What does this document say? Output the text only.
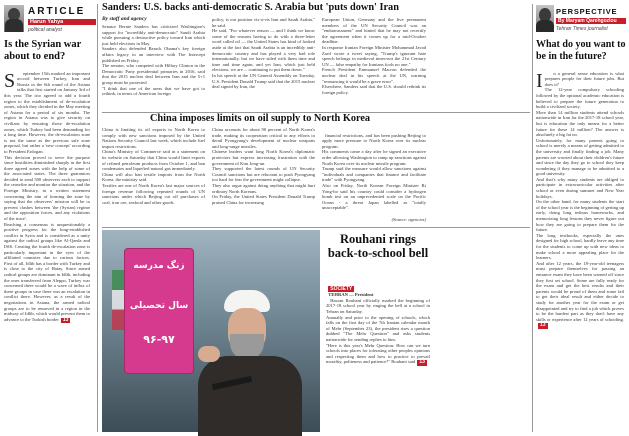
ARTICLE
Harun Yahya
political analyst
Is the Syrian war about to end?

S eptember 15th marked an important accord between Turkey, Iran and Russia in the 6th round of the Astana talks that first started on January 3rd of this year. The trio agreed to add a fourth region to the establishment of de-escalation zones, which they decided in the May meeting of Astana for a period of six months. The region in Astana was to give security on civilians by ensuring those de-escalation zones, which Turkey had been demanding for a long time. However, the de-escalation zone is not the same as the previous safe zone proposal, but rather a 'new concept' according to President Erdogan.
This decision proved to serve the purpose since hostilities diminished sharply in the first three agreed zones with the help of some of the associated states. The three guarantors decided to send 500 observers each to support the ceasefire and monitor the situation, and the Foreign Ministry, in a written statement concerning the aim of forming the zone by saying that the observers' mission will be to prevent clashes between 'the (Syrian) regime and the opposition forces, and any violations of the truce'.
Reaching a consensus is unquestionably a positive progress for the long-established conflict in Syria and is considered as a unity against the radical groups like Al-Qaeda and ISIS. Creating the fourth de-escalation zone is particularly important in the eyes of the affiliated countries due to various factors. First of all, Idlib has a border with Turkey and is close to the city of Hatay. Since armed radical groups are dominant in Idlib, including the ones transferred from Aleppo, Turkey was concerned there would be a wave of influx of these groups in case there was an escalation in conflict there. However, as a result of the negotiations in Astana, the armed radical groups are to be removed in a region in the midway of Idlib, which would prevent them to advance to the Turkish border 13

Sanders: U.S. backs anti-democratic S. Arabia but 'puts down' Iran
By staff and agency
Senator Bernie Sanders has criticized Washington's support for "incredibly anti-democratic" Saudi Arabia while pursuing a destructive policy toward Iran which just held elections in May.
Sanders also defended Barack Obama's key foreign affairs legacy in an interview with The Intercept published on Friday.
The senator, who competed with Hillary Clinton in the Democratic Party presidential primaries in 2016, said that the 2015 nuclear deal between Iran and the 5+1 group must be protected.
"I think that one of the areas that we have got to rethink, in terms of American foreign
policy, is our position vis-a-vis Iran and Saudi Arabia," he said.
He said, "For whatever reason — and I think we know some of the reasons having to do with a three-letter word called oil — the United States has kind of looked aside at the fact that Saudi Arabia is an incredibly anti-democratic country and has played a very bad role internationally, but we have sided with them time and time and time again, and yet Iran, which just held elections, we are ... continuing to put them down."
In his speech at the UN General Assembly on Tuesday, U.S. President Donald Trump said that the 2015 nuclear deal signed by Iran, the
European Union, Germany and the five permanent members of the UN Security Council was an "embarrassment" and hinted that he may not recertify the agreement when it comes up for a mid-October deadline.
In response Iranian Foreign Minister Mohammad Javad Zarif wrote a tweet saying, "Trump's ignorant hate speech belongs in medieval times-not the 21st Century UN — false empathy for Iranians fools no one."
French President Emmanuel Macron defended the nuclear deal in his speech at the UN, warning "renouncing it would be a grave error".
Elsewhere, Sanders said that the U.S. should rethink its foreign policy.
China imposes limits on oil supply to North Korea
China is limiting its oil exports to North Korea to comply with new sanctions imposed by the United Nations Security Council last week, which include fuel import restrictions.
China's Ministry of Commerce said in a statement on its website on Saturday that China would limit exports of refined petroleum products from October 1, and ban condensates and liquefied natural gas immediately.
China will also ban textile imports from the North Korea, the ministry said.
Textiles are one of North Korea's last major sources of foreign revenue following repeated rounds of UN sanctions under which Beijing cut off purchases of coal, iron ore, seafood and other goods.
China accounts for about 90 percent of North Korea's trade, making its cooperation critical to any efforts to derail Pyongyang's development of nuclear weapons and long-range missiles.
Chinese leaders want long North Korea's diplomatic protectors but express increasing frustration with the government of Kim Jong-un.
They supported the latest rounds of UN Security Council sanctions but are reluctant to push Pyongyang too hard for fear the government might collapse.
They also argue against doing anything that might hurt ordinary North Koreans.
On Friday, the United States President Donald Trump praised China for increasing

financial restrictions, and has been pushing Beijing to apply more pressure to North Korea over its nuclear program.
His comments came a day after he signed an executive order allowing Washington to ramp up sanctions against North Korea over its nuclear missile program.
Trump said the measure would allow sanctions against "individuals and companies that finance and facilitate trade" with Pyongyang.
Also on Friday, North Korean Foreign Minister Ri Yong-ho said his country could consider a hydrogen bomb test on an unprecedented scale on the Pacific Ocean - a threat Japan labelled as "totally unacceptable".

(Source: agencies)

زنگ مدرسه
سال تحصیلی
۹۶-۹۷
Rouhani rings back-to-school bell

SOCIETY
TEHRAN — President
Hassan Rouhani officially marked the beginning of 2017-18 school year by ringing the bell at a school in Tehran on Saturday.
Annually and prior to the opening of schools, which falls on the first day of the 7th Iranian calendar month of Mehr (September 23), the president rises a question dubbed "The Mehr Question" and asks students nationwide for sending replies to him.
"Here is this year's Mehr Question: How can we turn schools into places for tolerating other peoples opinions and respecting them and how to practice to prevail morality, politeness and patience?" Rouhani said 13

PERSPECTIVE
By Maryam Qarehgozlou
Tehran Times journalist
What do you want to be in the future?

I n a general sense education is what prepares people for their future jobs. But does it?
The 12-year compulsory schooling followed by the optional academic education is believed to prepare the future generation to build a civilized society.
More than 14 million students attend schools nationwide in Iran for the 2017-18 school year, but is education the only means for a better future for these 14 million? The answer is absolutely a big fat no.
Unfortunately, for many parents going to school is merely a means of getting admitted to the university and finally finding a job. Many parents are worried about their children's future and since the day they go to school they keep wondering if they manage to be admitted to a good university.
And that's why many students are obliged to participate in extracurricular activities after school or even during summer and New Year holidays.
On the other hand, for many students the start of the school year is the beginning of getting up early, doing long tedious homeworks, and memorizing long lessons they never figure out how they are going to prepare them for the future.
The long textbooks, especially the ones designed for high school, hardly leave any time for the students to come up with new ideas to make school a more appealing place for the learners.
And after 12 years, the 18-year-old teenagers must prepare themselves for passing an entrance exam they have been warned off since they first set school. Some are fully ready for the exam and get the best results and their parents would be proud of them and some fail to get their ideal result and either decide to study for another year for the exam or get disappointed and try to find a job which proves to be the hardest part as they don't have any skills or experience after 12 years of schooling.13
